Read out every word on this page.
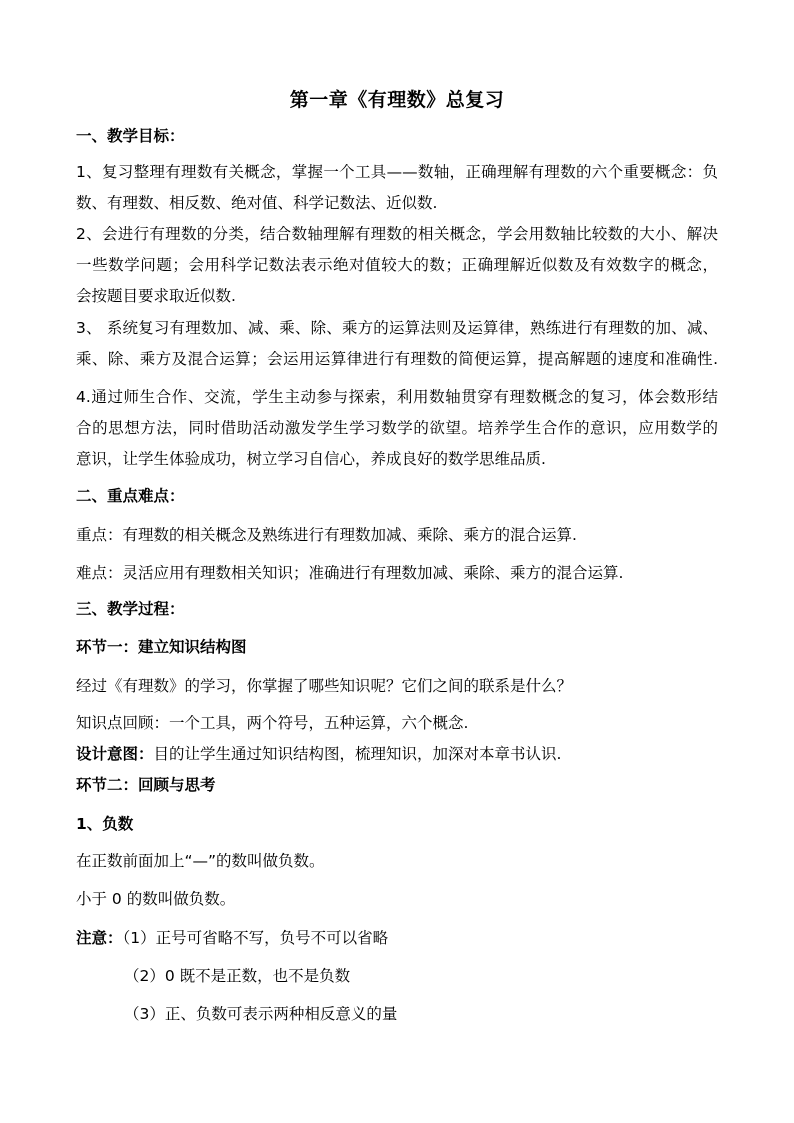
第一章《有理数》总复习
一、教学目标：
1、复习整理有理数有关概念，掌握一个工具——数轴，正确理解有理数的六个重要概念：负
数、有理数、相反数、绝对值、科学记数法、近似数.
2、会进行有理数的分类，结合数轴理解有理数的相关概念，学会用数轴比较数的大小、解决
一些数学问题；会用科学记数法表示绝对值较大的数；正确理解近似数及有效数字的概念，
会按题目要求取近似数.
3、 系统复习有理数加、减、乘、除、乘方的运算法则及运算律，熟练进行有理数的加、减、
乘、除、乘方及混合运算；会运用运算律进行有理数的简便运算，提高解题的速度和准确性.
4.通过师生合作、交流，学生主动参与探索，利用数轴贯穿有理数概念的复习，体会数形结
合的思想方法，同时借助活动激发学生学习数学的欲望。培养学生合作的意识，应用数学的
意识，让学生体验成功，树立学习自信心，养成良好的数学思维品质.
二、重点难点：
重点：有理数的相关概念及熟练进行有理数加减、乘除、乘方的混合运算.
难点：灵活应用有理数相关知识；准确进行有理数加减、乘除、乘方的混合运算.
三、教学过程：
环节一：建立知识结构图
经过《有理数》的学习，你掌握了哪些知识呢？它们之间的联系是什么？
知识点回顾：一个工具，两个符号，五种运算，六个概念.
设计意图：目的让学生通过知识结构图，梳理知识，加深对本章书认识.
环节二：回顾与思考
1、负数
在正数前面加上“—”的数叫做负数。
小于 0 的数叫做负数。
注意：（1）正号可省略不写，负号不可以省略
（2）0 既不是正数，也不是负数
（3）正、负数可表示两种相反意义的量
